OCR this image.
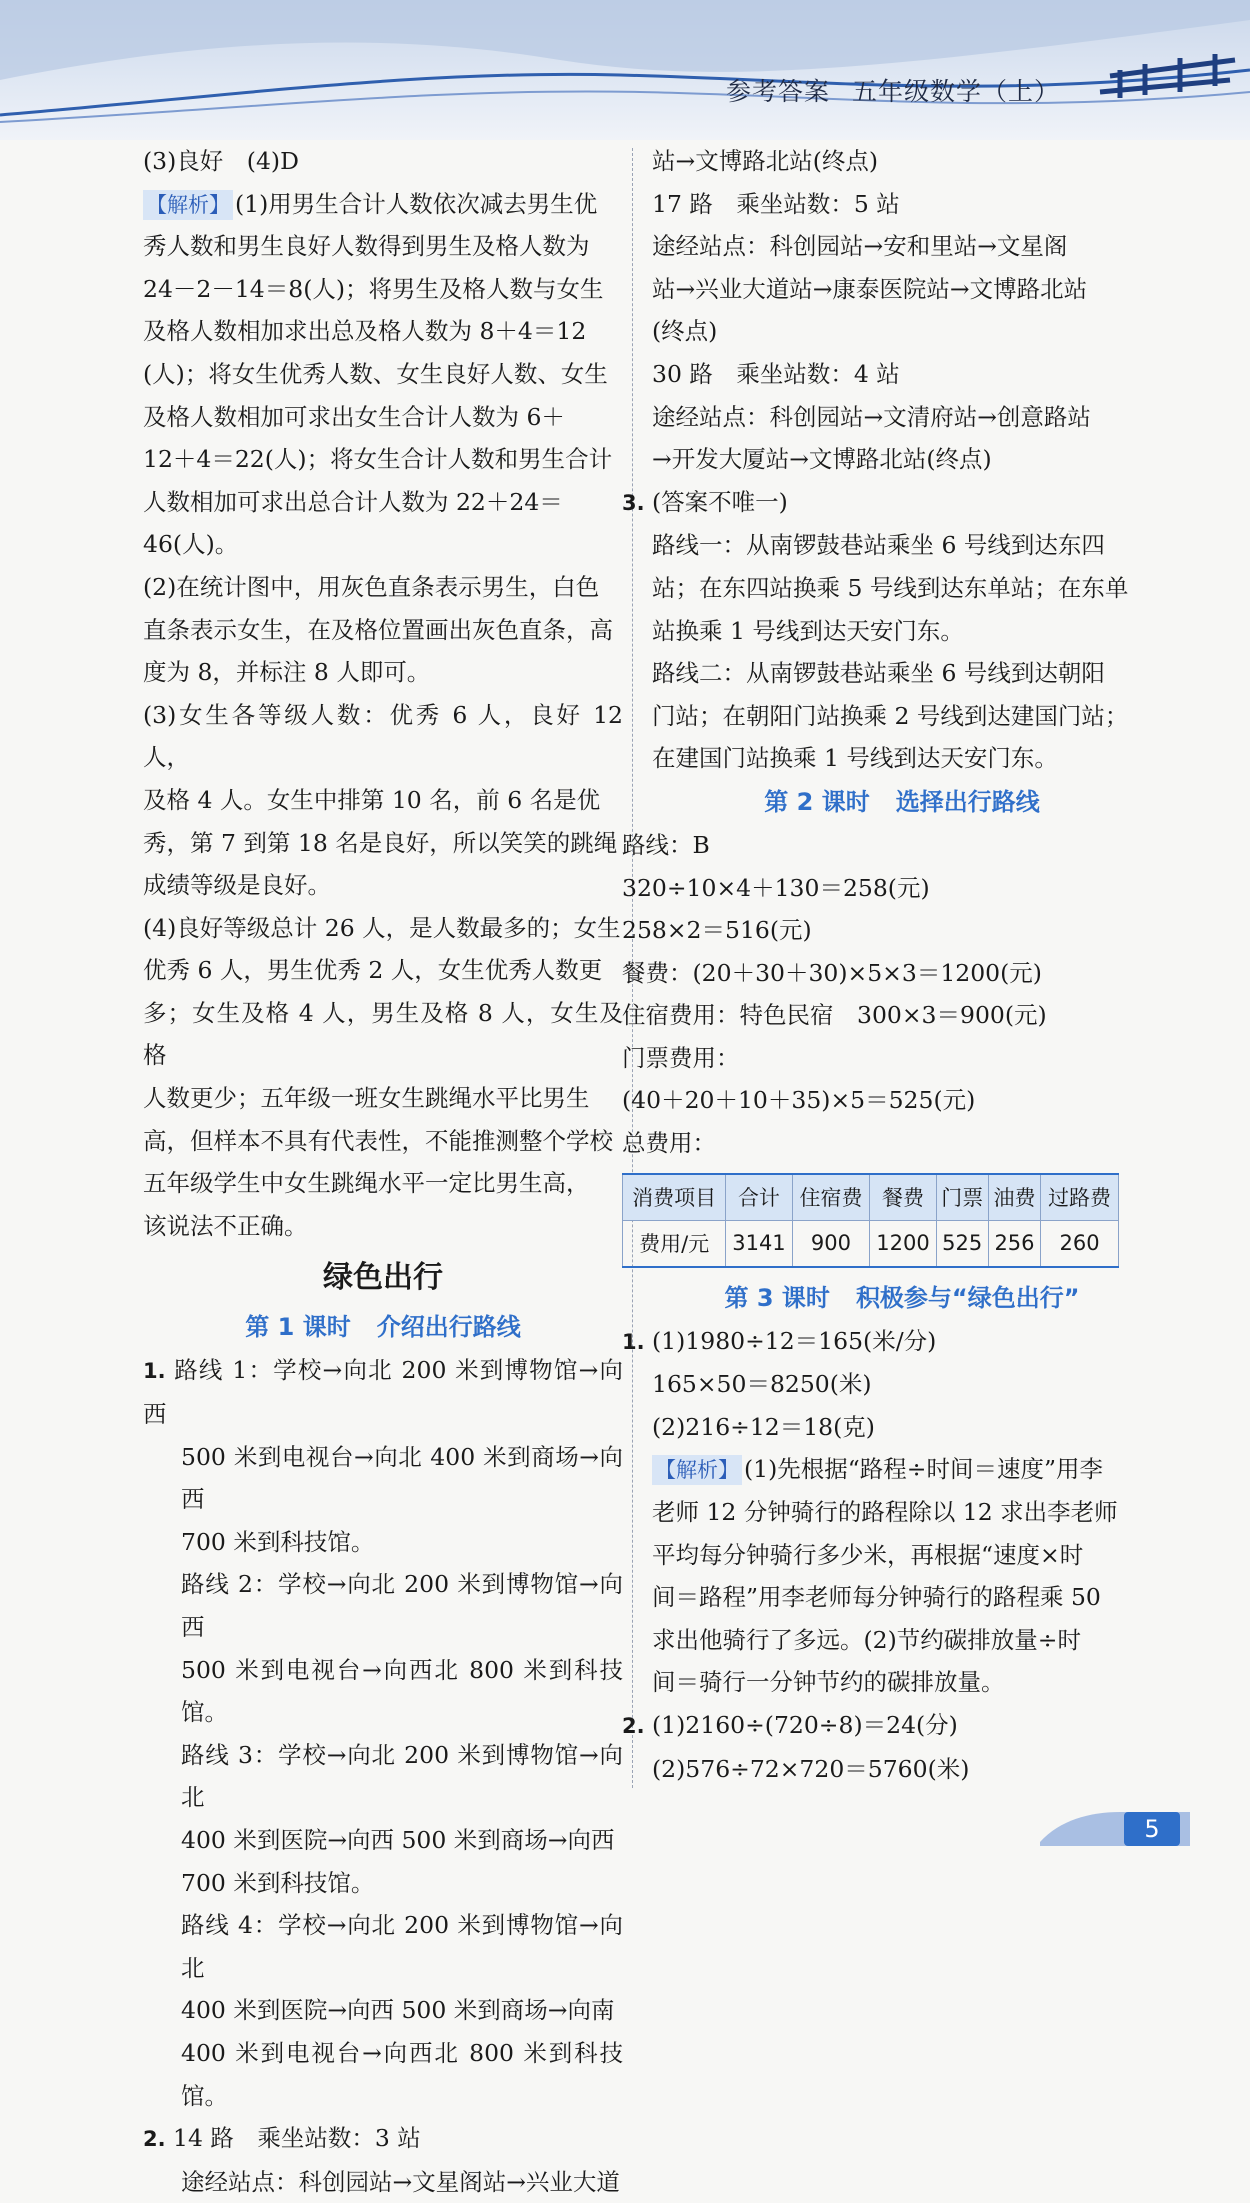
参考答案 五年级数学（上）

(3)良好　(4)D

【解析】 (1)用男生合计人数依次减去男生优

秀人数和男生良好人数得到男生及格人数为

24－2－14＝8(人)；将男生及格人数与女生

及格人数相加求出总及格人数为 8＋4＝12

(人)；将女生优秀人数、女生良好人数、女生

及格人数相加可求出女生合计人数为 6＋

12＋4＝22(人)；将女生合计人数和男生合计

人数相加可求出总合计人数为 22＋24＝

46(人)。

(2)在统计图中，用灰色直条表示男生，白色

直条表示女生，在及格位置画出灰色直条，高

度为 8，并标注 8 人即可。

(3)女生各等级人数：优秀 6 人，良好 12 人，

及格 4 人。女生中排第 10 名，前 6 名是优

秀，第 7 到第 18 名是良好，所以笑笑的跳绳

成绩等级是良好。

(4)良好等级总计 26 人，是人数最多的；女生

优秀 6 人，男生优秀 2 人，女生优秀人数更

多；女生及格 4 人，男生及格 8 人，女生及格

人数更少；五年级一班女生跳绳水平比男生

高，但样本不具有代表性，不能推测整个学校

五年级学生中女生跳绳水平一定比男生高，

该说法不正确。

绿色出行

第 1 课时 介绍出行路线

1. 路线 1：学校→向北 200 米到博物馆→向西

500 米到电视台→向北 400 米到商场→向西

700 米到科技馆。

路线 2：学校→向北 200 米到博物馆→向西

500 米到电视台→向西北 800 米到科技馆。

路线 3：学校→向北 200 米到博物馆→向北

400 米到医院→向西 500 米到商场→向西

700 米到科技馆。

路线 4：学校→向北 200 米到博物馆→向北

400 米到医院→向西 500 米到商场→向南

400 米到电视台→向西北 800 米到科技馆。

2. 14 路　乘坐站数：3 站

途经站点：科创园站→文星阁站→兴业大道

站→文博路北站(终点)

17 路　乘坐站数：5 站

途经站点：科创园站→安和里站→文星阁

站→兴业大道站→康泰医院站→文博路北站

(终点)

30 路　乘坐站数：4 站

途经站点：科创园站→文清府站→创意路站

→开发大厦站→文博路北站(终点)

3. (答案不唯一)

路线一：从南锣鼓巷站乘坐 6 号线到达东四

站；在东四站换乘 5 号线到达东单站；在东单

站换乘 1 号线到达天安门东。

路线二：从南锣鼓巷站乘坐 6 号线到达朝阳

门站；在朝阳门站换乘 2 号线到达建国门站；

在建国门站换乘 1 号线到达天安门东。

第 2 课时 选择出行路线

路线：B

320÷10×4＋130＝258(元)

258×2＝516(元)

餐费：(20＋30＋30)×5×3＝1200(元)

住宿费用：特色民宿　300×3＝900(元)

门票费用：

(40＋20＋10＋35)×5＝525(元)

总费用：

消费项目	合计	住宿费	餐费	门票	油费	过路费
费用/元	3141	900	1200	525	256	260

第 3 课时 积极参与“绿色出行”

1. (1)1980÷12＝165(米/分)

165×50＝8250(米)

(2)216÷12＝18(克)

【解析】 (1)先根据“路程÷时间＝速度”用李

老师 12 分钟骑行的路程除以 12 求出李老师

平均每分钟骑行多少米，再根据“速度×时

间＝路程”用李老师每分钟骑行的路程乘 50

求出他骑行了多远。(2)节约碳排放量÷时

间＝骑行一分钟节约的碳排放量。

2. (1)2160÷(720÷8)＝24(分)

(2)576÷72×720＝5760(米)

5
